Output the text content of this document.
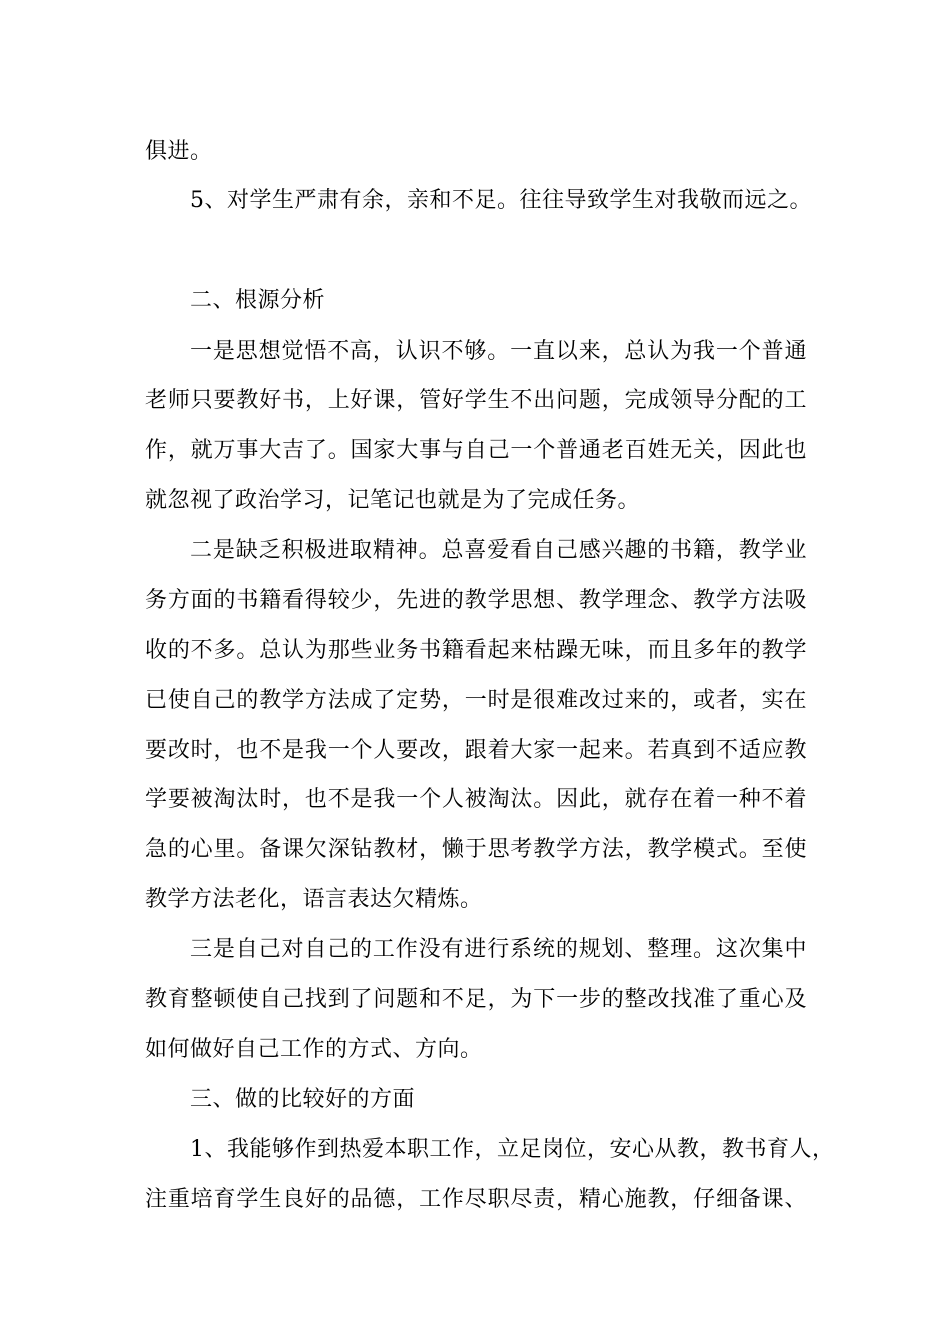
俱进。
5、对学生严肃有余，亲和不足。往往导致学生对我敬而远之。
二、根源分析
一是思想觉悟不高，认识不够。一直以来，总认为我一个普通
老师只要教好书，上好课，管好学生不出问题，完成领导分配的工
作，就万事大吉了。国家大事与自己一个普通老百姓无关，因此也
就忽视了政治学习，记笔记也就是为了完成任务。
二是缺乏积极进取精神。总喜爱看自己感兴趣的书籍，教学业
务方面的书籍看得较少，先进的教学思想、教学理念、教学方法吸
收的不多。总认为那些业务书籍看起来枯躁无味，而且多年的教学
已使自己的教学方法成了定势，一时是很难改过来的，或者，实在
要改时，也不是我一个人要改，跟着大家一起来。若真到不适应教
学要被淘汰时，也不是我一个人被淘汰。因此，就存在着一种不着
急的心里。备课欠深钻教材，懒于思考教学方法，教学模式。至使
教学方法老化，语言表达欠精炼。
三是自己对自己的工作没有进行系统的规划、整理。这次集中
教育整顿使自己找到了问题和不足，为下一步的整改找准了重心及
如何做好自己工作的方式、方向。
三、做的比较好的方面
1、我能够作到热爱本职工作，立足岗位，安心从教，教书育人，
注重培育学生良好的品德，工作尽职尽责，精心施教，仔细备课、
